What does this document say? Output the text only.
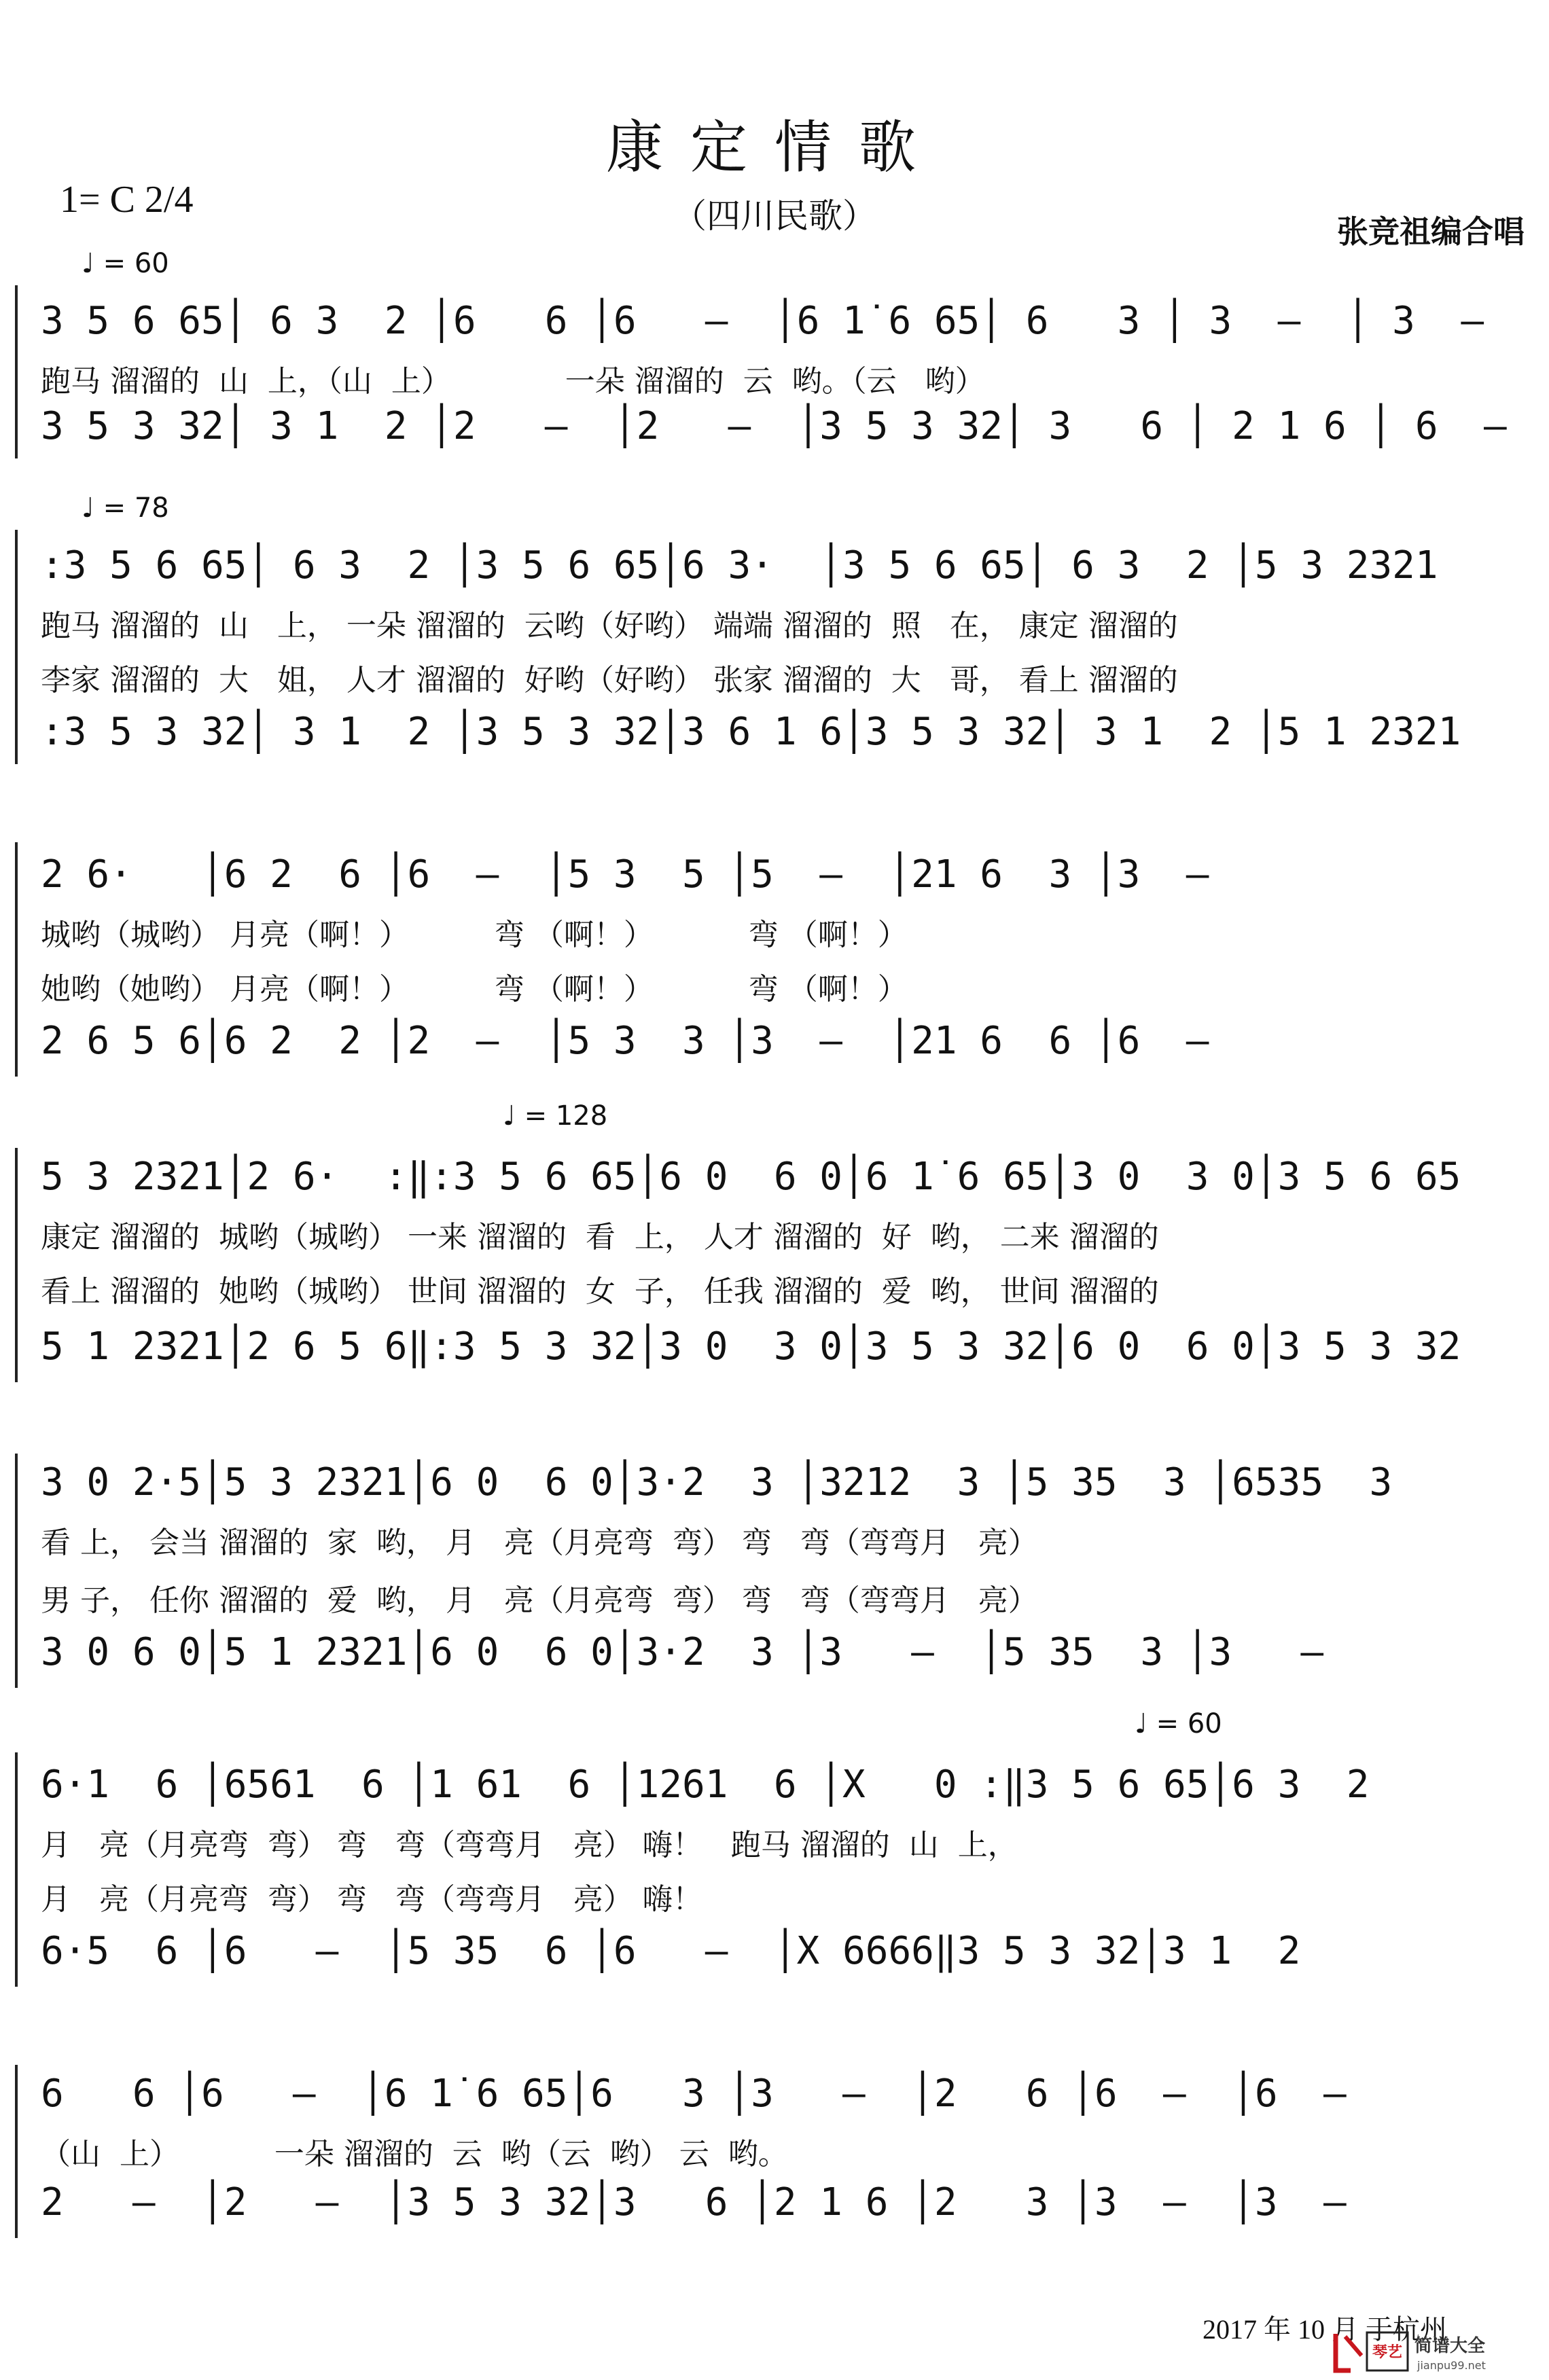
康定情歌
（四川民歌）
1= C 2/4
张竞祖编合唱
♩ = 60
♩ = 78
♩ = 128
♩ = 60
3 5 6 65│ 6 3  2 │6   6 │6   —  │6 1̇ 6 65│ 6   3 │ 3  —  │ 3  —
跑马 溜溜的  山  上，（山  上）            一朵 溜溜的  云  哟。（云   哟）
3 5 3 32│ 3 1  2 │2   —  │2   —  │3 5 3 32│ 3   6 │ 2 1 6 │ 6  —
:3 5 6 65│ 6 3  2 │3 5 6 65│6 3·  │3 5 6 65│ 6 3  2 │5 3 2321
跑马 溜溜的  山   上， 一朵 溜溜的  云哟（好哟） 端端 溜溜的  照   在， 康定 溜溜的
李家 溜溜的  大   姐， 人才 溜溜的  好哟（好哟） 张家 溜溜的  大   哥， 看上 溜溜的
:3 5 3 32│ 3 1  2 │3 5 3 32│3 6 1 6│3 5 3 32│ 3 1  2 │5 1 2321
2 6·   │6 2  6 │6  —  │5 3  5 │5  —  │21 6  3 │3  —
城哟（城哟） 月亮（啊！）         弯 （啊！）          弯 （啊！）
她哟（她哟） 月亮（啊！）         弯 （啊！）          弯 （啊！）
2 6 5 6│6 2  2 │2  —  │5 3  3 │3  —  │21 6  6 │6  —
5 3 2321│2 6·  :‖:3 5 6 65│6 0  6 0│6 1̇ 6 65│3 0  3 0│3 5 6 65
康定 溜溜的  城哟（城哟） 一来 溜溜的  看  上， 人才 溜溜的  好  哟， 二来 溜溜的
看上 溜溜的  她哟（城哟） 世间 溜溜的  女  子， 任我 溜溜的  爱  哟， 世间 溜溜的
5 1 2321│2 6 5 6‖:3 5 3 32│3 0  3 0│3 5 3 32│6 0  6 0│3 5 3 32
3 0 2·5│5 3 2321│6 0  6 0│3·2  3 │3212  3 │5 35  3 │6535  3
看 上， 会当 溜溜的  家  哟， 月   亮（月亮弯  弯） 弯   弯（弯弯月   亮）
男 子， 任你 溜溜的  爱  哟， 月   亮（月亮弯  弯） 弯   弯（弯弯月   亮）
3 0 6 0│5 1 2321│6 0  6 0│3·2  3 │3   —  │5 35  3 │3   —
6·1  6 │6561  6 │1 61  6 │1261  6 │X   0 :‖3 5 6 65│6 3  2
月   亮（月亮弯  弯） 弯   弯（弯弯月   亮） 嗨！   跑马 溜溜的  山  上，
月   亮（月亮弯  弯） 弯   弯（弯弯月   亮） 嗨！
6·5  6 │6   —  │5 35  6 │6   —  │X 6666‖3 5 3 32│3 1  2
6   6 │6   —  │6 1̇ 6 65│6   3 │3   —  │2   6 │6  —  │6  —
（山  上）          一朵 溜溜的  云  哟（云  哟） 云  哟。
2   —  │2   —  │3 5 3 32│3   6 │2 1 6 │2   3 │3  —  │3  —
2017 年 10 月 于杭州
琴艺 简谱大全
jianpu99.net
